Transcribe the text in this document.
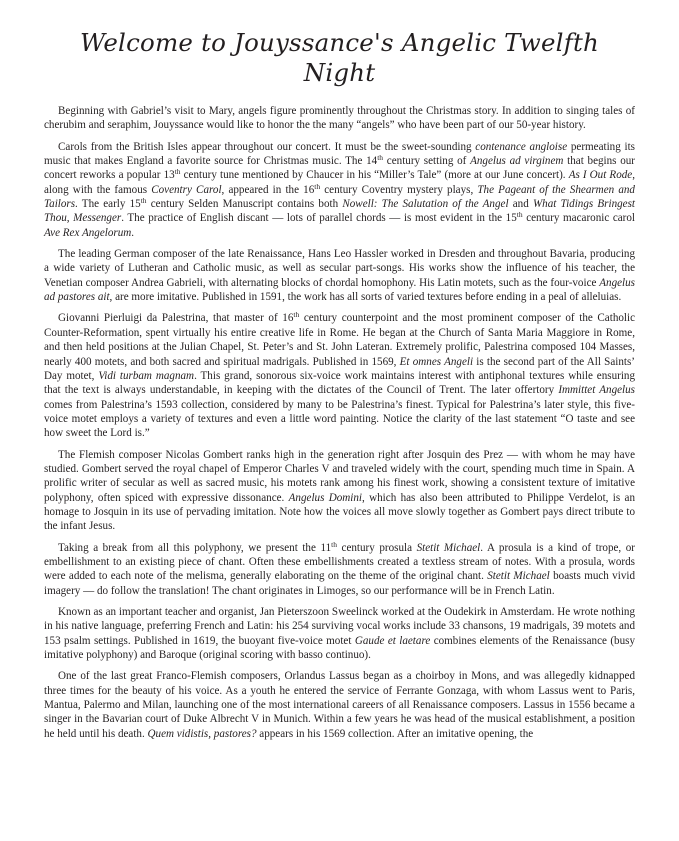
Welcome to Jouyssance's Angelic Twelfth Night

Beginning with Gabriel’s visit to Mary, angels figure prominently throughout the Christmas story. In addition to singing tales of cherubim and seraphim, Jouyssance would like to honor the the many “angels” who have been part of our 50-year history.

Carols from the British Isles appear throughout our concert. It must be the sweet-sounding contenance angloise permeating its music that makes England a favorite source for Christmas music. The 14th century setting of Angelus ad virginem that begins our concert reworks a popular 13th century tune mentioned by Chaucer in his “Miller’s Tale” (more at our June concert). As I Out Rode, along with the famous Coventry Carol, appeared in the 16th century Coventry mystery plays, The Pageant of the Shearmen and Tailors. The early 15th century Selden Manuscript contains both Nowell: The Salutation of the Angel and What Tidings Bringest Thou, Messenger. The practice of English discant — lots of parallel chords — is most evident in the 15th century macaronic carol Ave Rex Angelorum.

The leading German composer of the late Renaissance, Hans Leo Hassler worked in Dresden and throughout Bavaria, producing a wide variety of Lutheran and Catholic music, as well as secular part-songs. His works show the influence of his teacher, the Venetian composer Andrea Gabrieli, with alternating blocks of chordal homophony. His Latin motets, such as the four-voice Angelus ad pastores ait, are more imitative. Published in 1591, the work has all sorts of varied textures before ending in a peal of alleluias.

Giovanni Pierluigi da Palestrina, that master of 16th century counterpoint and the most prominent composer of the Catholic Counter-Reformation, spent virtually his entire creative life in Rome. He began at the Church of Santa Maria Maggiore in Rome, and then held positions at the Julian Chapel, St. Peter’s and St. John Lateran. Extremely prolific, Palestrina composed 104 Masses, nearly 400 motets, and both sacred and spiritual madrigals. Published in 1569, Et omnes Angeli is the second part of the All Saints’ Day motet, Vidi turbam magnam. This grand, sonorous six-voice work maintains interest with antiphonal textures while ensuring that the text is always understandable, in keeping with the dictates of the Council of Trent. The later offertory Immittet Angelus comes from Palestrina’s 1593 collection, considered by many to be Palestrina’s finest. Typical for Palestrina’s later style, this five-voice motet employs a variety of textures and even a little word painting. Notice the clarity of the last statement “O taste and see how sweet the Lord is.”

The Flemish composer Nicolas Gombert ranks high in the generation right after Josquin des Prez — with whom he may have studied. Gombert served the royal chapel of Emperor Charles V and traveled widely with the court, spending much time in Spain. A prolific writer of secular as well as sacred music, his motets rank among his finest work, showing a consistent texture of imitative polyphony, often spiced with expressive dissonance. Angelus Domini, which has also been attributed to Philippe Verdelot, is an homage to Josquin in its use of pervading imitation. Note how the voices all move slowly together as Gombert pays direct tribute to the infant Jesus.

Taking a break from all this polyphony, we present the 11th century prosula Stetit Michael. A prosula is a kind of trope, or embellishment to an existing piece of chant. Often these embellishments created a textless stream of notes. With a prosula, words were added to each note of the melisma, generally elaborating on the theme of the original chant. Stetit Michael boasts much vivid imagery — do follow the translation! The chant originates in Limoges, so our performance will be in French Latin.

Known as an important teacher and organist, Jan Pieterszoon Sweelinck worked at the Oudekirk in Amsterdam. He wrote nothing in his native language, preferring French and Latin: his 254 surviving vocal works include 33 chansons, 19 madrigals, 39 motets and 153 psalm settings. Published in 1619, the buoyant five-voice motet Gaude et laetare combines elements of the Renaissance (busy imitative polyphony) and Baroque (original scoring with basso continuo).

One of the last great Franco-Flemish composers, Orlandus Lassus began as a choirboy in Mons, and was allegedly kidnapped three times for the beauty of his voice. As a youth he entered the service of Ferrante Gonzaga, with whom Lassus went to Paris, Mantua, Palermo and Milan, launching one of the most international careers of all Renaissance composers. Lassus in 1556 became a singer in the Bavarian court of Duke Albrecht V in Munich. Within a few years he was head of the musical establishment, a position he held until his death. Quem vidistis, pastores? appears in his 1569 collection. After an imitative opening, the
